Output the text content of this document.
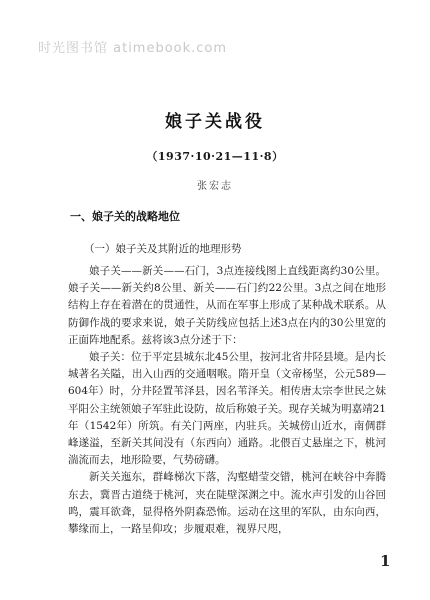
时光图书馆 atimebook.com
娘子关战役
（1937·10·21—11·8）
张宏志
一、娘子关的战略地位
（一）娘子关及其附近的地理形势

娘子关——新关——石门，3点连接线图上直线距离约30公里。娘子关——新关约8公里、新关——石门约22公里。3点之间在地形结构上存在着潜在的贯通性，从而在军事上形成了某种战术联系。从防御作战的要求来说，娘子关防线应包括上述3点在内的30公里宽的正面阵地配系。兹将该3点分述于下：

娘子关：位于平定县城东北45公里，按河北省井陉县境。是内长城著名关隘，出入山西的交通咽喉。隋开皇（文帝杨坚，公元589—604年）时，分井陉置苇泽县，因名苇泽关。相传唐太宗李世民之妹平阳公主统领娘子军驻此设防，故后称娘子关。现存关城为明嘉靖21年（1542年）所筑。有关门两座，内驻兵。关城傍山近水，南倜群峰遂溢，至新关其间没有（东西向）通路。北偎百丈悬崖之下，桃河湍流而去，地形险要，气势磅礴。

新关关迤东，群峰梯次下落，沟壑蜡莹交错，桃河在峡谷中奔腾东去，冀晋古道绕于桃河，夹在陡壁深渊之中。流水声引发的山谷回鸣，震耳欲聋，显得格外阴森恐怖。运动在这里的军队，由东向西，攀缘而上，一路呈仰攻；步履艰难，视界尺咫，

1
